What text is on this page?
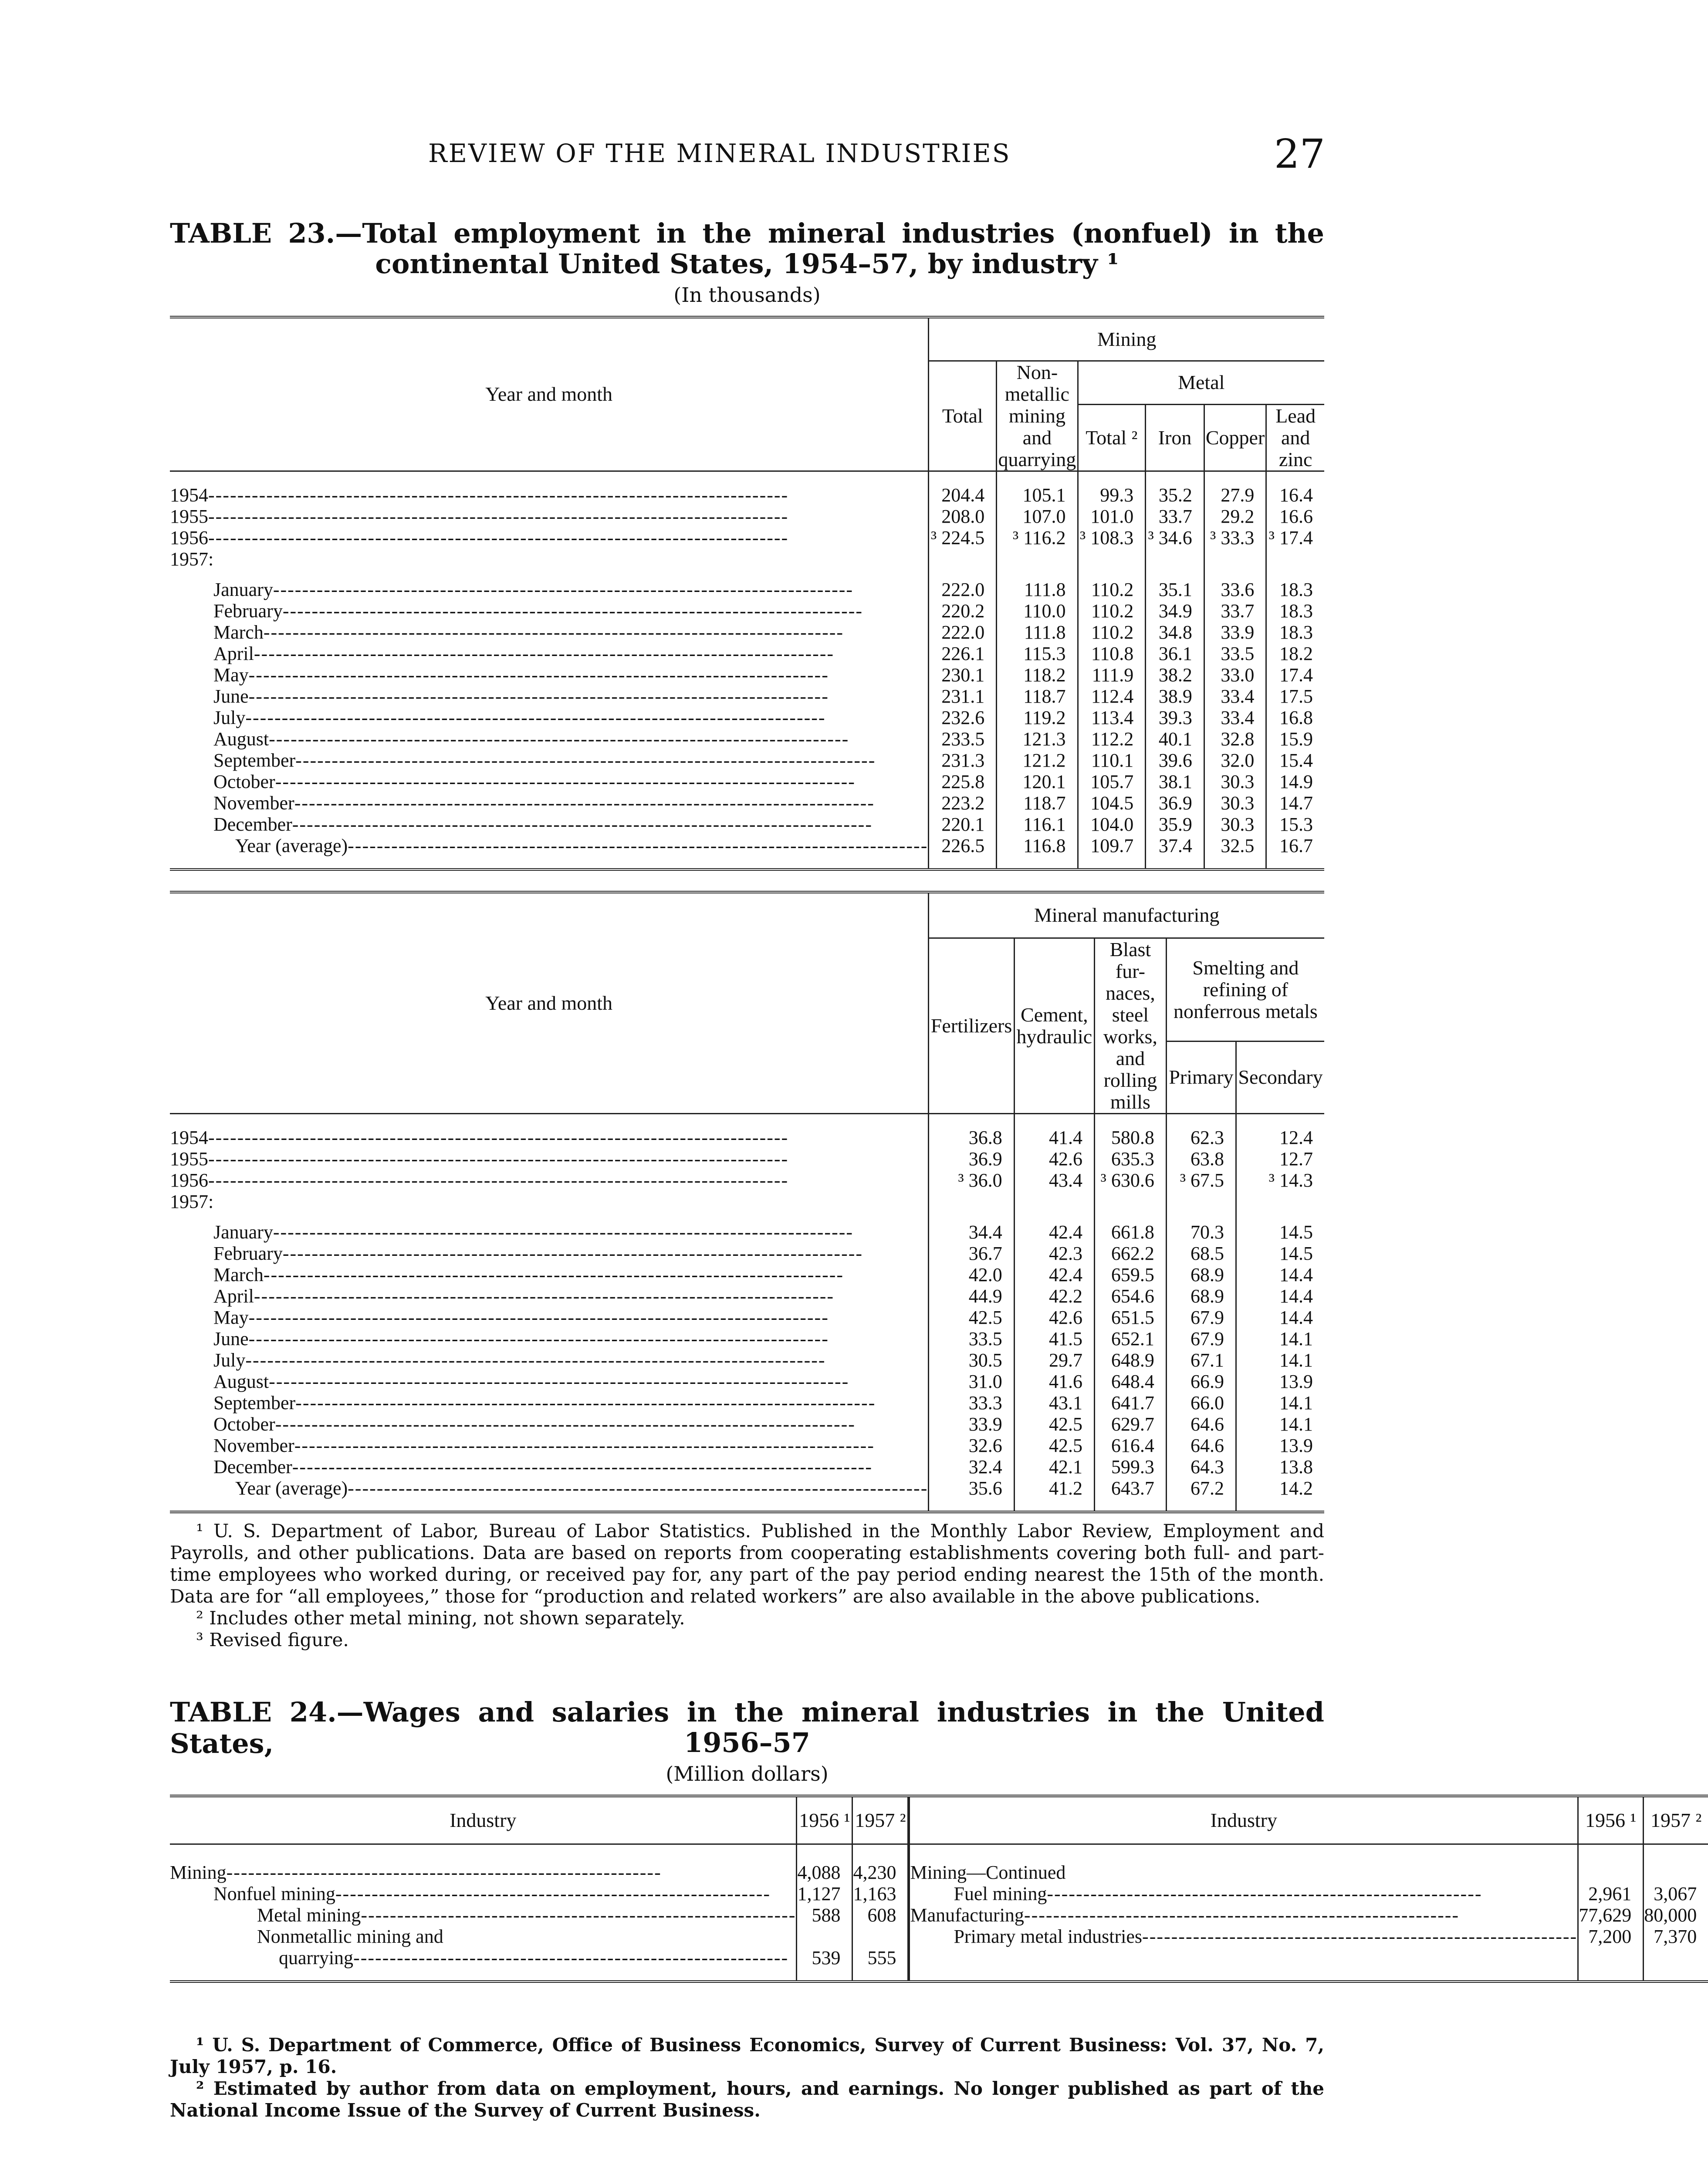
REVIEW OF THE MINERAL INDUSTRIES	27
TABLE 23.—Total employment in the mineral industries (nonfuel) in the
continental United States, 1954–57, by industry ¹
(In thousands)
Year and month	Mining					
	Total	Non-metallic mining and quarrying	Metal			
			Total ²	Iron	Copper	Lead and zinc
1954--------------------------------------------------------------------------------	204.4	105.1	99.3	35.2	27.9	16.4
1955--------------------------------------------------------------------------------	208.0	107.0	101.0	33.7	29.2	16.6
1956--------------------------------------------------------------------------------	³ 224.5	³ 116.2	³ 108.3	³ 34.6	³ 33.3	³ 17.4
1957:						
January--------------------------------------------------------------------------------	222.0	111.8	110.2	35.1	33.6	18.3
February--------------------------------------------------------------------------------	220.2	110.0	110.2	34.9	33.7	18.3
March--------------------------------------------------------------------------------	222.0	111.8	110.2	34.8	33.9	18.3
April--------------------------------------------------------------------------------	226.1	115.3	110.8	36.1	33.5	18.2
May--------------------------------------------------------------------------------	230.1	118.2	111.9	38.2	33.0	17.4
June--------------------------------------------------------------------------------	231.1	118.7	112.4	38.9	33.4	17.5
July--------------------------------------------------------------------------------	232.6	119.2	113.4	39.3	33.4	16.8
August--------------------------------------------------------------------------------	233.5	121.3	112.2	40.1	32.8	15.9
September--------------------------------------------------------------------------------	231.3	121.2	110.1	39.6	32.0	15.4
October--------------------------------------------------------------------------------	225.8	120.1	105.7	38.1	30.3	14.9
November--------------------------------------------------------------------------------	223.2	118.7	104.5	36.9	30.3	14.7
December--------------------------------------------------------------------------------	220.1	116.1	104.0	35.9	30.3	15.3
Year (average)--------------------------------------------------------------------------------	226.5	116.8	109.7	37.4	32.5	16.7

Year and month	Mineral manufacturing				
	Fertilizers	Cement, hydraulic	Blast fur-naces, steel works, and rolling mills	Smelting and refining of nonferrous metals	
				Primary	Secondary
1954--------------------------------------------------------------------------------	36.8	41.4	580.8	62.3	12.4
1955--------------------------------------------------------------------------------	36.9	42.6	635.3	63.8	12.7
1956--------------------------------------------------------------------------------	³ 36.0	43.4	³ 630.6	³ 67.5	³ 14.3
1957:					
January--------------------------------------------------------------------------------	34.4	42.4	661.8	70.3	14.5
February--------------------------------------------------------------------------------	36.7	42.3	662.2	68.5	14.5
March--------------------------------------------------------------------------------	42.0	42.4	659.5	68.9	14.4
April--------------------------------------------------------------------------------	44.9	42.2	654.6	68.9	14.4
May--------------------------------------------------------------------------------	42.5	42.6	651.5	67.9	14.4
June--------------------------------------------------------------------------------	33.5	41.5	652.1	67.9	14.1
July--------------------------------------------------------------------------------	30.5	29.7	648.9	67.1	14.1
August--------------------------------------------------------------------------------	31.0	41.6	648.4	66.9	13.9
September--------------------------------------------------------------------------------	33.3	43.1	641.7	66.0	14.1
October--------------------------------------------------------------------------------	33.9	42.5	629.7	64.6	14.1
November--------------------------------------------------------------------------------	32.6	42.5	616.4	64.6	13.9
December--------------------------------------------------------------------------------	32.4	42.1	599.3	64.3	13.8
Year (average)--------------------------------------------------------------------------------	35.6	41.2	643.7	67.2	14.2

¹ U. S. Department of Labor, Bureau of Labor Statistics. Published in the Monthly Labor Review, Employment and Payrolls, and other publications. Data are based on reports from cooperating establishments covering both full- and part-time employees who worked during, or received pay for, any part of the pay period ending nearest the 15th of the month. Data are for “all employees,” those for “production and related workers” are also available in the above publications.
² Includes other metal mining, not shown separately.
³ Revised figure.
TABLE 24.—Wages and salaries in the mineral industries in the United States,	1956–57
(Million dollars)
Industry	1956 ¹	1957 ²		Industry	1956 ¹	1957 ²
Mining------------------------------------------------------------	4,088	4,230		Mining—Continued		
Nonfuel mining------------------------------------------------------------	1,127	1,163		Fuel mining------------------------------------------------------------	2,961	3,067
Metal mining------------------------------------------------------------	588	608		Manufacturing------------------------------------------------------------	77,629	80,000
Nonmetallic mining and				Primary metal industries------------------------------------------------------------	7,200	7,370
quarrying------------------------------------------------------------	539	555				

¹ U. S. Department of Commerce, Office of Business Economics, Survey of Current Business: Vol. 37, No. 7, July 1957, p. 16.
² Estimated by author from data on employment, hours, and earnings. No longer published as part of the National Income Issue of the Survey of Current Business.
